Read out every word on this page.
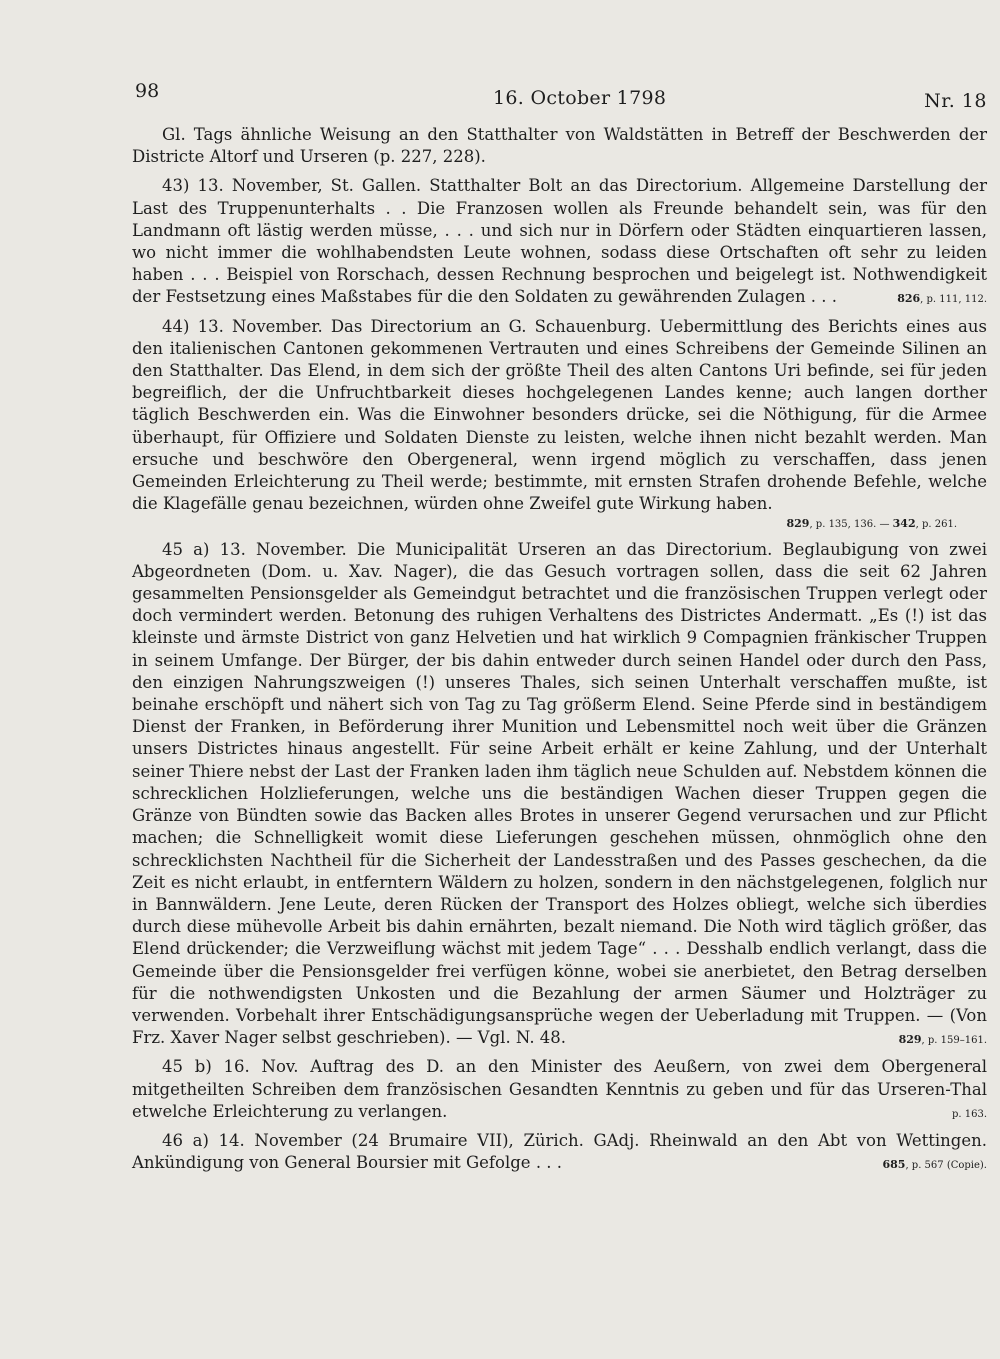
98	16. October 1798	Nr. 18

Gl. Tags ähnliche Weisung an den Statthalter von Waldstätten in Betreff der Beschwerden der Districte Altorf und Urseren (p. 227, 228).

43) 13. November, St. Gallen. Statthalter Bolt an das Directorium. Allgemeine Darstellung der Last des Truppenunterhalts . . Die Franzosen wollen als Freunde behandelt sein, was für den Landmann oft lästig werden müsse, . . . und sich nur in Dörfern oder Städten einquartieren lassen, wo nicht immer die wohlhabendsten Leute wohnen, sodass diese Ortschaften oft sehr zu leiden haben . . . Beispiel von Rorschach, dessen Rechnung besprochen und beigelegt ist. Nothwendigkeit der Festsetzung eines Maßstabes für die den Soldaten zu gewährenden Zulagen . . .	826, p. 111, 112.

44) 13. November. Das Directorium an G. Schauenburg. Uebermittlung des Berichts eines aus den italienischen Cantonen gekommenen Vertrauten und eines Schreibens der Gemeinde Silinen an den Statthalter. Das Elend, in dem sich der größte Theil des alten Cantons Uri befinde, sei für jeden begreiflich, der die Unfruchtbarkeit dieses hochgelegenen Landes kenne; auch langen dorther täglich Beschwerden ein. Was die Einwohner besonders drücke, sei die Nöthigung, für die Armee überhaupt, für Offiziere und Soldaten Dienste zu leisten, welche ihnen nicht bezahlt werden. Man ersuche und beschwöre den Obergeneral, wenn irgend möglich zu verschaffen, dass jenen Gemeinden Erleichterung zu Theil werde; bestimmte, mit ernsten Strafen drohende Befehle, welche die Klagefälle genau bezeichnen, würden ohne Zweifel gute Wirkung haben.

829, p. 135, 136. — 342, p. 261.

45 a) 13. November. Die Municipalität Urseren an das Directorium. Beglaubigung von zwei Abgeordneten (Dom. u. Xav. Nager), die das Gesuch vortragen sollen, dass die seit 62 Jahren gesammelten Pensionsgelder als Gemeindgut betrachtet und die französischen Truppen verlegt oder doch vermindert werden. Betonung des ruhigen Verhaltens des Districtes Andermatt. „Es (!) ist das kleinste und ärmste District von ganz Helvetien und hat wirklich 9 Compagnien fränkischer Truppen in seinem Umfange. Der Bürger, der bis dahin entweder durch seinen Handel oder durch den Pass, den einzigen Nahrungszweigen (!) unseres Thales, sich seinen Unterhalt verschaffen mußte, ist beinahe erschöpft und nähert sich von Tag zu Tag größerm Elend. Seine Pferde sind in beständigem Dienst der Franken, in Beförderung ihrer Munition und Lebensmittel noch weit über die Gränzen unsers Districtes hinaus angestellt. Für seine Arbeit erhält er keine Zahlung, und der Unterhalt seiner Thiere nebst der Last der Franken laden ihm täglich neue Schulden auf. Nebstdem können die schrecklichen Holzlieferungen, welche uns die beständigen Wachen dieser Truppen gegen die Gränze von Bündten sowie das Backen alles Brotes in unserer Gegend verursachen und zur Pflicht machen; die Schnelligkeit womit diese Lieferungen geschehen müssen, ohnmöglich ohne den schrecklichsten Nachtheil für die Sicherheit der Landesstraßen und des Passes geschechen, da die Zeit es nicht erlaubt, in entferntern Wäldern zu holzen, sondern in den nächstgelegenen, folglich nur in Bannwäldern. Jene Leute, deren Rücken der Transport des Holzes obliegt, welche sich überdies durch diese mühevolle Arbeit bis dahin ernährten, bezalt niemand. Die Noth wird täglich größer, das Elend drückender; die Verzweiflung wächst mit jedem Tage“ . . . Desshalb endlich verlangt, dass die Gemeinde über die Pensionsgelder frei verfügen könne, wobei sie anerbietet, den Betrag derselben für die nothwendigsten Unkosten und die Bezahlung der armen Säumer und Holzträger zu verwenden. Vorbehalt ihrer Entschädigungsansprüche wegen der Ueberladung mit Truppen. — (Von Frz. Xaver Nager selbst geschrieben). — Vgl. N. 48.	829, p. 159–161.

45 b) 16. Nov. Auftrag des D. an den Minister des Aeußern, von zwei dem Obergeneral mitgetheilten Schreiben dem französischen Gesandten Kenntnis zu geben und für das Urseren-Thal etwelche Erleichterung zu verlangen.	p. 163.

46 a) 14. November (24 Brumaire VII), Zürich. GAdj. Rheinwald an den Abt von Wettingen. Ankündigung von General Boursier mit Gefolge . . .	685, p. 567 (Copie).
